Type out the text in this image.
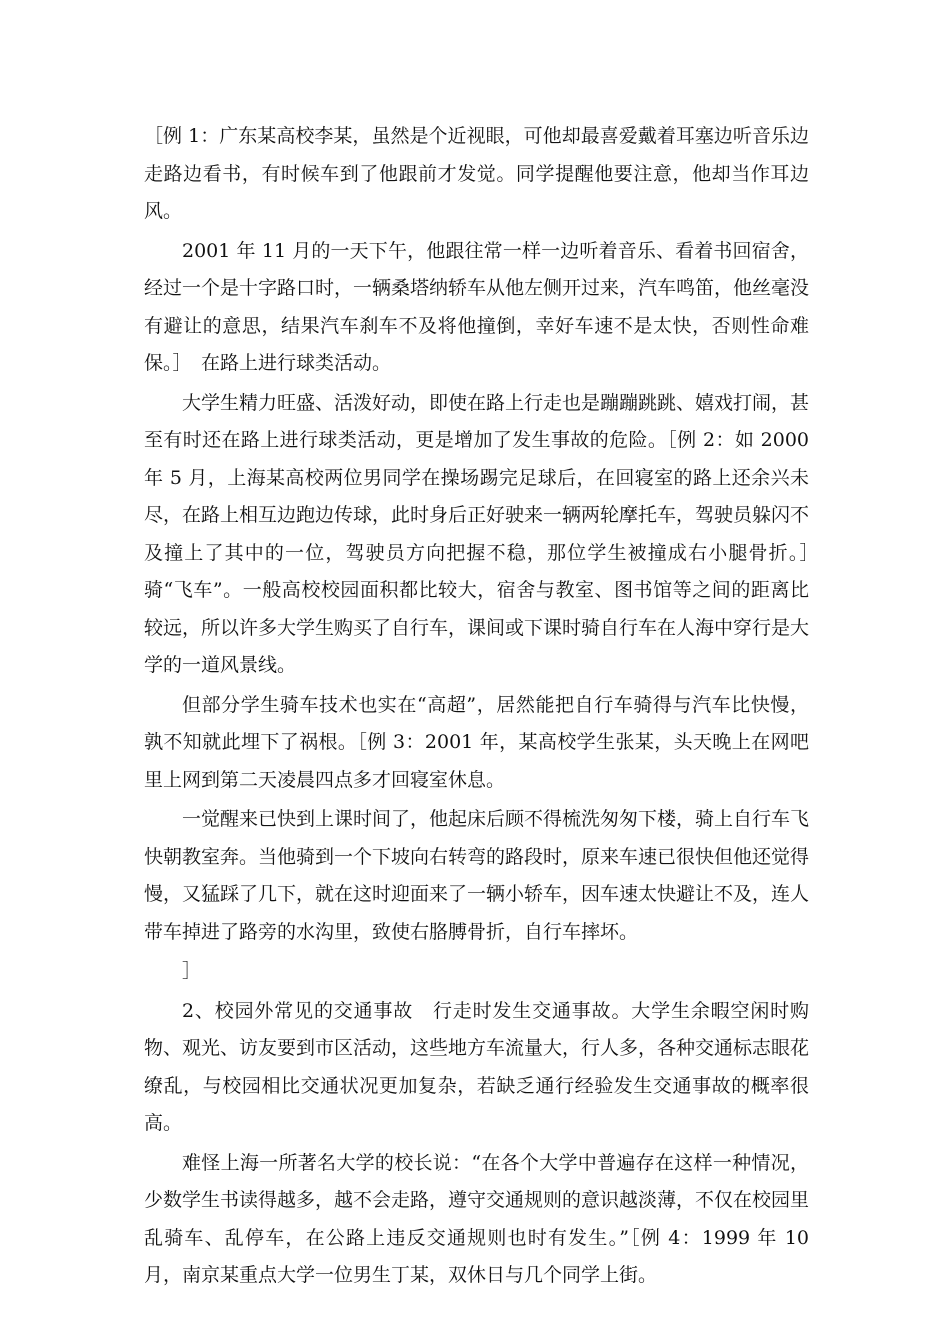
［例 1：广东某高校李某，虽然是个近视眼，可他却最喜爱戴着耳塞边听音乐边走路边看书，有时候车到了他跟前才发觉。同学提醒他要注意，他却当作耳边风。

2001 年 11 月的一天下午，他跟往常一样一边听着音乐、看着书回宿舍，经过一个是十字路口时，一辆桑塔纳轿车从他左侧开过来，汽车鸣笛，他丝毫没有避让的意思，结果汽车刹车不及将他撞倒，幸好车速不是太快，否则性命难保。］　在路上进行球类活动。

大学生精力旺盛、活泼好动，即使在路上行走也是蹦蹦跳跳、嬉戏打闹，甚至有时还在路上进行球类活动，更是增加了发生事故的危险。［例 2：如 2000 年 5 月，上海某高校两位男同学在操场踢完足球后，在回寝室的路上还余兴未尽，在路上相互边跑边传球，此时身后正好驶来一辆两轮摩托车，驾驶员躲闪不及撞上了其中的一位，驾驶员方向把握不稳，那位学生被撞成右小腿骨折。］　骑“飞车”。一般高校校园面积都比较大，宿舍与教室、图书馆等之间的距离比较远，所以许多大学生购买了自行车，课间或下课时骑自行车在人海中穿行是大学的一道风景线。

但部分学生骑车技术也实在“高超”，居然能把自行车骑得与汽车比快慢，孰不知就此埋下了祸根。［例 3：2001 年，某高校学生张某，头天晚上在网吧里上网到第二天凌晨四点多才回寝室休息。

一觉醒来已快到上课时间了，他起床后顾不得梳洗匆匆下楼，骑上自行车飞快朝教室奔。当他骑到一个下坡向右转弯的路段时，原来车速已很快但他还觉得慢，又猛踩了几下，就在这时迎面来了一辆小轿车，因车速太快避让不及，连人带车掉进了路旁的水沟里，致使右胳膊骨折，自行车摔坏。

］

2、校园外常见的交通事故　行走时发生交通事故。大学生余暇空闲时购物、观光、访友要到市区活动，这些地方车流量大，行人多，各种交通标志眼花缭乱，与校园相比交通状况更加复杂，若缺乏通行经验发生交通事故的概率很高。

难怪上海一所著名大学的校长说：“在各个大学中普遍存在这样一种情况，少数学生书读得越多，越不会走路，遵守交通规则的意识越淡薄，不仅在校园里乱骑车、乱停车，在公路上违反交通规则也时有发生。”［例 4：1999 年 10 月，南京某重点大学一位男生丁某，双休日与几个同学上街。
